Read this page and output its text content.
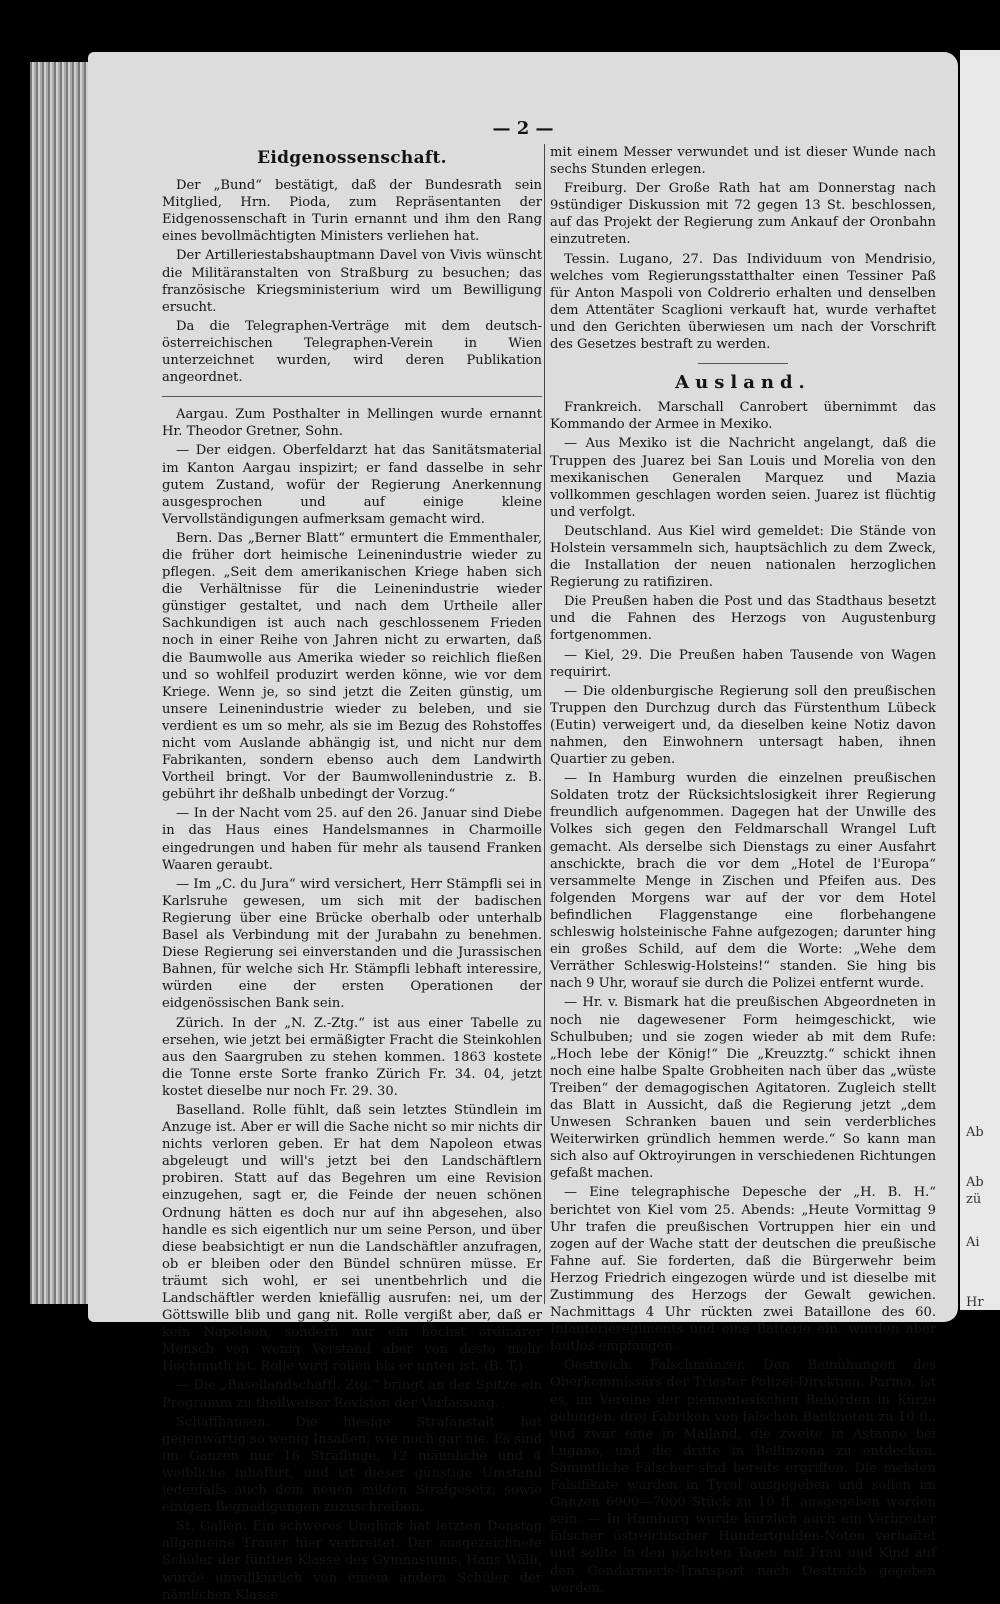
Ab
Ab
zü
Ai
Hr
— 2 —
Eidgenossenschaft.

Der „Bund“ bestätigt, daß der Bundesrath sein Mitglied, Hrn. Pioda, zum Repräsentanten der Eidgenossenschaft in Turin ernannt und ihm den Rang eines bevollmächtigten Ministers verliehen hat.

Der Artilleriestabshauptmann Davel von Vivis wünscht die Militäranstalten von Straßburg zu besuchen; das französische Kriegsministerium wird um Bewilligung ersucht.

Da die Telegraphen-Verträge mit dem deutsch-österreichischen Telegraphen-Verein in Wien unterzeichnet wurden, wird deren Publikation angeordnet.

Aargau. Zum Posthalter in Mellingen wurde ernannt Hr. Theodor Gretner, Sohn.

— Der eidgen. Oberfeldarzt hat das Sanitätsmaterial im Kanton Aargau inspizirt; er fand dasselbe in sehr gutem Zustand, wofür der Regierung Anerkennung ausgesprochen und auf einige kleine Vervollständigungen aufmerksam gemacht wird.

Bern. Das „Berner Blatt“ ermuntert die Emmenthaler, die früher dort heimische Leinenindustrie wieder zu pflegen. „Seit dem amerikanischen Kriege haben sich die Verhältnisse für die Leinenindustrie wieder günstiger gestaltet, und nach dem Urtheile aller Sachkundigen ist auch nach geschlossenem Frieden noch in einer Reihe von Jahren nicht zu erwarten, daß die Baumwolle aus Amerika wieder so reichlich fließen und so wohlfeil produzirt werden könne, wie vor dem Kriege. Wenn je, so sind jetzt die Zeiten günstig, um unsere Leinenindustrie wieder zu beleben, und sie verdient es um so mehr, als sie im Bezug des Rohstoffes nicht vom Auslande abhängig ist, und nicht nur dem Fabrikanten, sondern ebenso auch dem Landwirth Vortheil bringt. Vor der Baumwollenindustrie z. B. gebührt ihr deßhalb unbedingt der Vorzug.“

— In der Nacht vom 25. auf den 26. Januar sind Diebe in das Haus eines Handelsmannes in Charmoille eingedrungen und haben für mehr als tausend Franken Waaren geraubt.

— Im „C. du Jura“ wird versichert, Herr Stämpfli sei in Karlsruhe gewesen, um sich mit der badischen Regierung über eine Brücke oberhalb oder unterhalb Basel als Verbindung mit der Jurabahn zu benehmen. Diese Regierung sei einverstanden und die Jurassischen Bahnen, für welche sich Hr. Stämpfli lebhaft interessire, würden eine der ersten Operationen der eidgenössischen Bank sein.

Zürich. In der „N. Z.-Ztg.“ ist aus einer Tabelle zu ersehen, wie jetzt bei ermäßigter Fracht die Steinkohlen aus den Saargruben zu stehen kommen. 1863 kostete die Tonne erste Sorte franko Zürich Fr. 34. 04, jetzt kostet dieselbe nur noch Fr. 29. 30.

Baselland. Rolle fühlt, daß sein letztes Stündlein im Anzuge ist. Aber er will die Sache nicht so mir nichts dir nichts verloren geben. Er hat dem Napoleon etwas abgeleugt und will's jetzt bei den Landschäftlern probiren. Statt auf das Begehren um eine Revision einzugehen, sagt er, die Feinde der neuen schönen Ordnung hätten es doch nur auf ihn abgesehen, also handle es sich eigentlich nur um seine Person, und über diese beabsichtigt er nun die Landschäftler anzufragen, ob er bleiben oder den Bündel schnüren müsse. Er träumt sich wohl, er sei unentbehrlich und die Landschäftler werden kniefällig ausrufen: nei, um der Göttswille blib und gang nit. Rolle vergißt aber, daß er kein Napoleon, sondern nur ein höchst ordinärer Mensch von wenig Verstand aber von desto mehr Hochmuth ist. Rolle wird rollen bis er unten ist. (B. T.)

— Die „Basellandschaftl. Ztg.“ bringt an der Spitze ein Programm zu theilweiser Revision der Verfassung.

Schaffhausen. Die hiesige Strafanstalt hat gegenwärtig so wenig Insaßen, wie noch gar nie. Es sind im Ganzen nur 16 Sträflinge, 12 männliche und 4 weibliche inhaftirt, und ist dieser günstige Umstand jedenfalls auch dem neuen milden Strafgesetz, sowie einigen Begnadigungen zuzuschreiben.

St. Gallen. Ein schweres Unglück hat letzten Donstag allgemeine Trauer hier verbreitet. Der ausgezeichnete Schüler der fünften Klasse des Gymnasiums, Hans Wälli, wurde unwillkürlich von einem andern Schüler der nämlichen Klasse

mit einem Messer verwundet und ist dieser Wunde nach sechs Stunden erlegen.

Freiburg. Der Große Rath hat am Donnerstag nach 9stündiger Diskussion mit 72 gegen 13 St. beschlossen, auf das Projekt der Regierung zum Ankauf der Oronbahn einzutreten.

Tessin. Lugano, 27. Das Individuum von Mendrisio, welches vom Regierungsstatthalter einen Tessiner Paß für Anton Maspoli von Coldrerio erhalten und denselben dem Attentäter Scaglioni verkauft hat, wurde verhaftet und den Gerichten überwiesen um nach der Vorschrift des Gesetzes bestraft zu werden.

Ausland.

Frankreich. Marschall Canrobert übernimmt das Kommando der Armee in Mexiko.

— Aus Mexiko ist die Nachricht angelangt, daß die Truppen des Juarez bei San Louis und Morelia von den mexikanischen Generalen Marquez und Mazia vollkommen geschlagen worden seien. Juarez ist flüchtig und verfolgt.

Deutschland. Aus Kiel wird gemeldet: Die Stände von Holstein versammeln sich, hauptsächlich zu dem Zweck, die Installation der neuen nationalen herzoglichen Regierung zu ratifiziren.

Die Preußen haben die Post und das Stadthaus besetzt und die Fahnen des Herzogs von Augustenburg fortgenommen.

— Kiel, 29. Die Preußen haben Tausende von Wagen requirirt.

— Die oldenburgische Regierung soll den preußischen Truppen den Durchzug durch das Fürstenthum Lübeck (Eutin) verweigert und, da dieselben keine Notiz davon nahmen, den Einwohnern untersagt haben, ihnen Quartier zu geben.

— In Hamburg wurden die einzelnen preußischen Soldaten trotz der Rücksichtslosigkeit ihrer Regierung freundlich aufgenommen. Dagegen hat der Unwille des Volkes sich gegen den Feldmarschall Wrangel Luft gemacht. Als derselbe sich Dienstags zu einer Ausfahrt anschickte, brach die vor dem „Hotel de l'Europa“ versammelte Menge in Zischen und Pfeifen aus. Des folgenden Morgens war auf der vor dem Hotel befindlichen Flaggenstange eine florbehangene schleswig holsteinische Fahne aufgezogen; darunter hing ein großes Schild, auf dem die Worte: „Wehe dem Verräther Schleswig-Holsteins!“ standen. Sie hing bis nach 9 Uhr, worauf sie durch die Polizei entfernt wurde.

— Hr. v. Bismark hat die preußischen Abgeordneten in noch nie dagewesener Form heimgeschickt, wie Schulbuben; und sie zogen wieder ab mit dem Rufe: „Hoch lebe der König!“ Die „Kreuzztg.“ schickt ihnen noch eine halbe Spalte Grobheiten nach über das „wüste Treiben“ der demagogischen Agitatoren. Zugleich stellt das Blatt in Aussicht, daß die Regierung jetzt „dem Unwesen Schranken bauen und sein verderbliches Weiterwirken gründlich hemmen werde.“ So kann man sich also auf Oktroyirungen in verschiedenen Richtungen gefaßt machen.

— Eine telegraphische Depesche der „H. B. H.“ berichtet von Kiel vom 25. Abends: „Heute Vormittag 9 Uhr trafen die preußischen Vortruppen hier ein und zogen auf der Wache statt der deutschen die preußische Fahne auf. Sie forderten, daß die Bürgerwehr beim Herzog Friedrich eingezogen würde und ist dieselbe mit Zustimmung des Herzogs der Gewalt gewichen. Nachmittags 4 Uhr rückten zwei Bataillone des 60. Infanterieregiments und eine Batterie ein, wurden aber lautlos empfangen.

Oestreich. Falschmünzer. Den Bemühungen des Oberkommissärs der Triester Polizei-Direktion, Parma, ist es, im Vereine der piemontesischen Behörden in Kürze gelungen, drei Fabriken von falschen Banknoten zu 10 fl., und zwar eine in Mailand, die zweite in Astanno bei Lugano, und die dritte in Bellinzona zu entdecken. Sämmtliche Fälscher sind bereits ergriffen. Die meisten Falsifikate wurden in Tyrol ausgegeben und sollen im Ganzen 6000—7000 Stück zu 10 fl. ausgegeben worden sein. — In Hamburg wurde kürzlich auch ein Verbreiter falscher östreichischer Hundertgulden-Noten verhaftet und sollte in den nächsten Tagen mit Frau und Kind auf den Gendarmerie-Transport nach Oestreich gegeben werden.
